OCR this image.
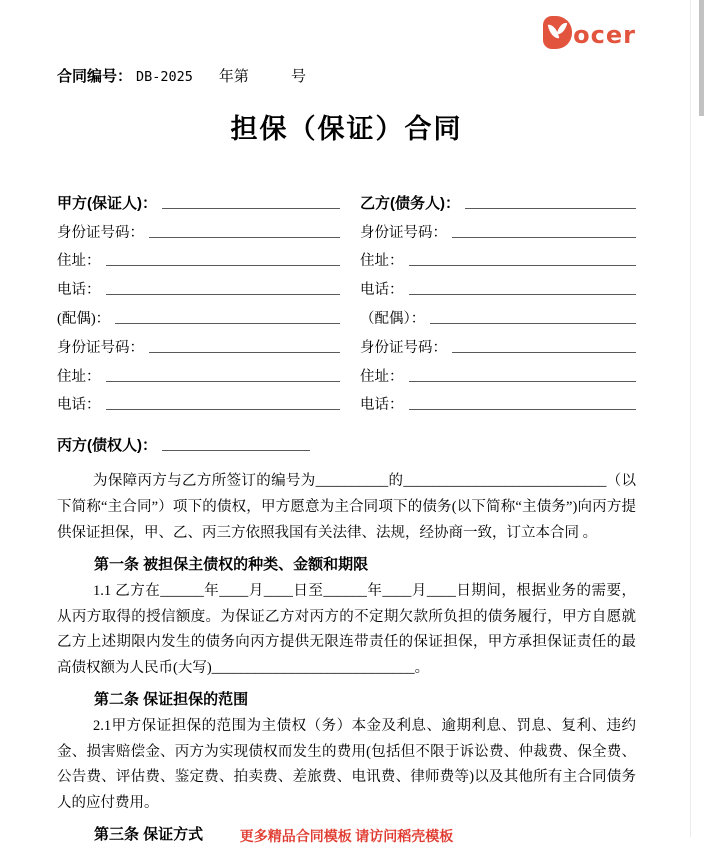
ocer
合同编号： DB-2025 年第	号
担保（保证）合同
甲方(保证人)：
身份证号码：
住址：
电话：
(配偶)：
身份证号码：
住址：
电话：
乙方(债务人)：
身份证号码：
住址：
电话：
（配偶）：
身份证号码：
住址：
电话：
丙方(债权人)：

为保障丙方与乙方所签订的编号为__________的____________________________（以下简称“主合同”）项下的债权，甲方愿意为主合同项下的债务(以下简称“主债务”)向丙方提供保证担保，甲、乙、丙三方依照我国有关法律、法规，经协商一致，订立本合同 。

第一条 被担保主债权的种类、金额和期限

1.1 乙方在______年____月____日至______年____月____日期间，根据业务的需要，从丙方取得的授信额度。为保证乙方对丙方的不定期欠款所负担的债务履行，甲方自愿就乙方上述期限内发生的债务向丙方提供无限连带责任的保证担保，甲方承担保证责任的最高债权额为人民币(大写)____________________________。

第二条 保证担保的范围

2.1甲方保证担保的范围为主债权（务）本金及利息、逾期利息、罚息、复利、违约金、损害赔偿金、丙方为实现债权而发生的费用(包括但不限于诉讼费、仲裁费、保全费、公告费、评估费、鉴定费、拍卖费、差旅费、电讯费、律师费等)以及其他所有主合同债务人的应付费用。

第三条 保证方式	更多精品合同模板 请访问稻壳模板
